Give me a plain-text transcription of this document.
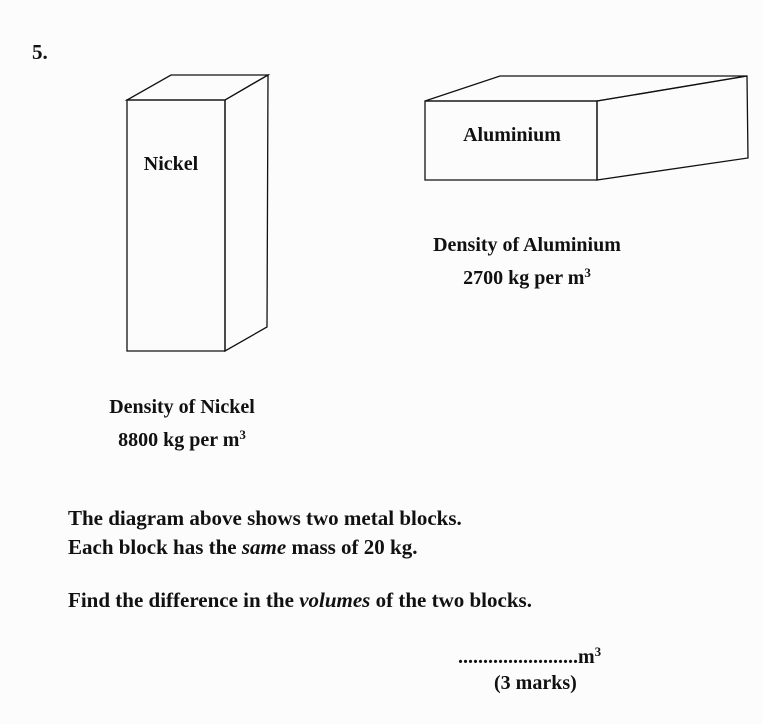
5.
Nickel
Aluminium
Density of Nickel
8800 kg per $m^3$
Density of Aluminium
2700 kg per $m^3$
The diagram above shows two metal blocks.
Each block has the same mass of 20 kg.
Find the difference in the volumes of the two blocks.
$........................m^3$
(3 marks)
